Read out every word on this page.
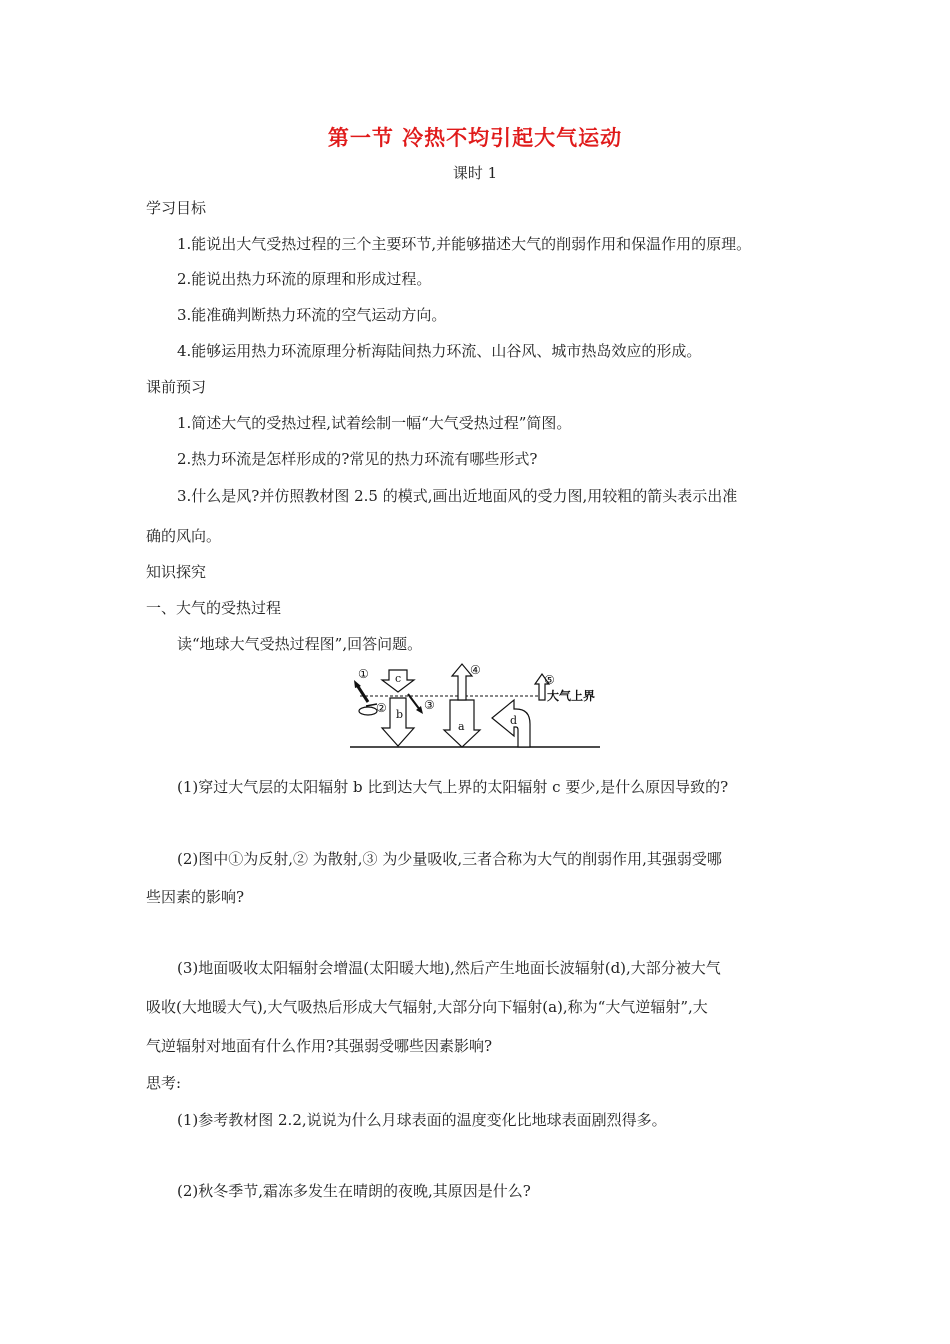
第一节 冷热不均引起大气运动
课时 1
学习目标
1.能说出大气受热过程的三个主要环节,并能够描述大气的削弱作用和保温作用的原理。
2.能说出热力环流的原理和形成过程。
3.能准确判断热力环流的空气运动方向。
4.能够运用热力环流原理分析海陆间热力环流、山谷风、城市热岛效应的形成。
课前预习
1.简述大气的受热过程,试着绘制一幅“大气受热过程”简图。
2.热力环流是怎样形成的?常见的热力环流有哪些形式?
3.什么是风?并仿照教材图 2.5 的模式,画出近地面风的受力图,用较粗的箭头表示出准
确的风向。
知识探究
一、大气的受热过程
读“地球大气受热过程图”,回答问题。
① c
④
⑤
②	③
b
a	d
大气上界
(1)穿过大气层的太阳辐射 b 比到达大气上界的太阳辐射 c 要少,是什么原因导致的?
(2)图中①为反射,② 为散射,③ 为少量吸收,三者合称为大气的削弱作用,其强弱受哪
些因素的影响?
(3)地面吸收太阳辐射会增温(太阳暖大地),然后产生地面长波辐射(d),大部分被大气
吸收(大地暖大气),大气吸热后形成大气辐射,大部分向下辐射(a),称为“大气逆辐射”,大
气逆辐射对地面有什么作用?其强弱受哪些因素影响?
思考:
(1)参考教材图 2.2,说说为什么月球表面的温度变化比地球表面剧烈得多。
(2)秋冬季节,霜冻多发生在晴朗的夜晚,其原因是什么?
